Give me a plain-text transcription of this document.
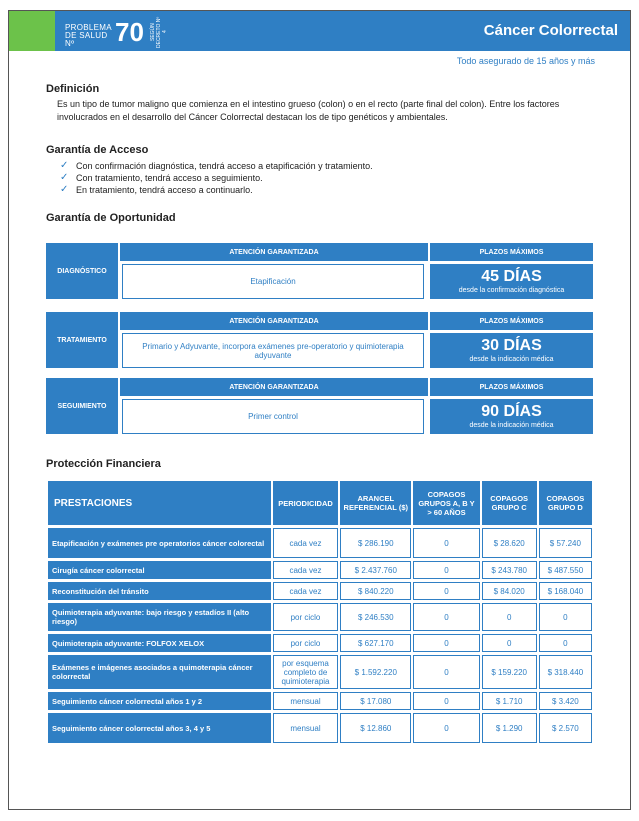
PROBLEMA DE SALUD Nº	70 SEGÚN DECRETO Nº 4	Cáncer Colorrectal
Todo asegurado de 15 años y más
Definición

Es un tipo de tumor maligno que comienza en el intestino grueso (colon) o en el recto (parte final del colon). Entre los factores involucrados en el desarrollo del Cáncer Colorrectal destacan los de tipo genéticos y ambientales.

Garantía de Acceso
✓ Con confirmación diagnóstica, tendrá acceso a etapificación y tratamiento.
✓ Con tratamiento, tendrá acceso a seguimiento.
✓ En tratamiento, tendrá acceso a continuarlo.
Garantía de Oportunidad
DIAGNÓSTICO
ATENCIÓN GARANTIZADA	PLAZOS MÁXIMOS
Etapificación	45 DÍAS
desde la confirmación diagnóstica
TRATAMIENTO
ATENCIÓN GARANTIZADA	PLAZOS MÁXIMOS
Primario y Adyuvante, incorpora exámenes pre-operatorio y quimioterapia adyuvante
30 DÍAS
desde la indicación médica
SEGUIMIENTO
ATENCIÓN GARANTIZADA	PLAZOS MÁXIMOS
Primer control	90 DÍAS
desde la indicación médica
Protección Financiera
PRESTACIONES	PERIODICIDAD	ARANCEL REFERENCIAL ($)	COPAGOS GRUPOS A, B Y > 60 AÑOS	COPAGOS GRUPO C	COPAGOS GRUPO D
Etapificación y exámenes pre operatorios cáncer colorectal	cada vez	$ 286.190	0	$ 28.620	$ 57.240
Cirugía cáncer colorrectal	cada vez	$ 2.437.760	0	$ 243.780	$ 487.550
Reconstitución del tránsito	cada vez	$ 840.220	0	$ 84.020	$ 168.040
Quimioterapia adyuvante: bajo riesgo y estadíos II (alto riesgo)	por ciclo	$ 246.530	0	0	0
Quimioterapia adyuvante: FOLFOX XELOX	por ciclo	$ 627.170	0	0	0
Exámenes e imágenes asociados a quimoterapia cáncer colorrectal	por esquema completo de quimioterapia	$ 1.592.220	0	$ 159.220	$ 318.440
Seguimiento cáncer colorrectal años 1 y 2	mensual	$ 17.080	0	$ 1.710	$ 3.420
Seguimiento cáncer colorrectal años 3, 4 y 5	mensual	$ 12.860	0	$ 1.290	$ 2.570
